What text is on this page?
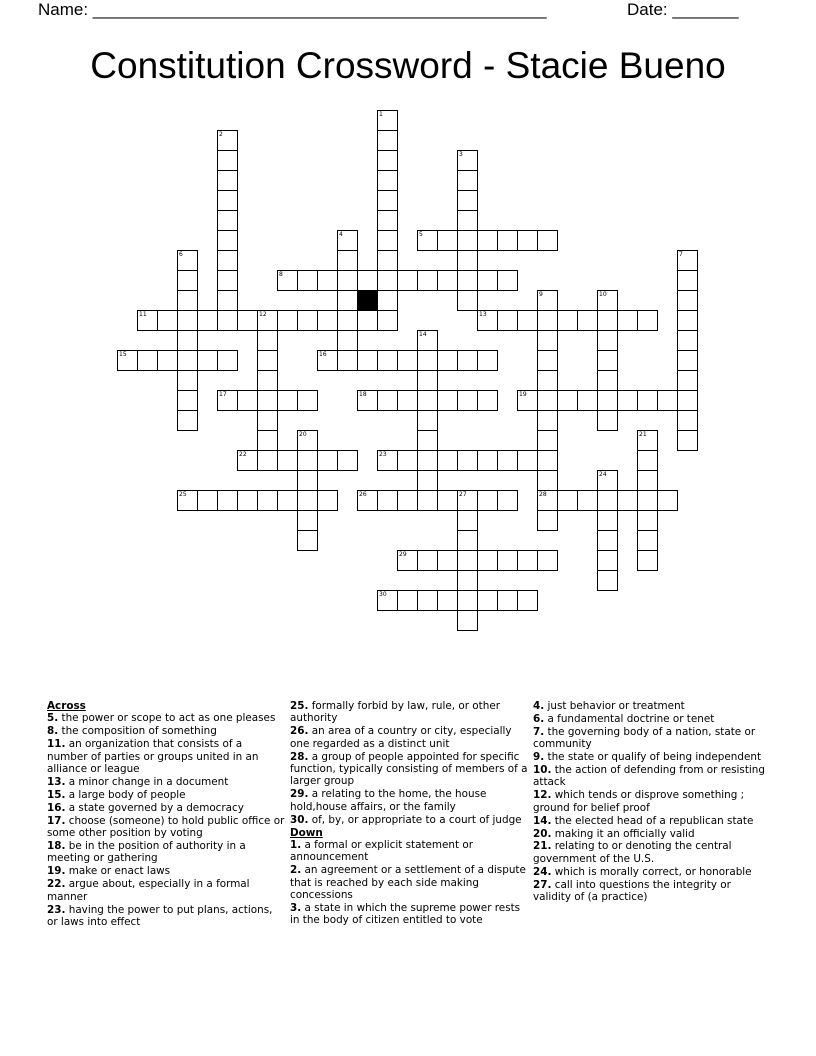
Name: ________________________________________________	Date: _______
Constitution Crossword - Stacie Bueno
1
2
3
4	5
6	7
8
9
28
10
11	12	13
14
15	16
17	18	19
20	21
22	23
24
25	26	27
29
30
Across
5. the power or scope to act as one pleases
8. the composition of something
11. an organization that consists of a number of parties or groups united in an alliance or league
13. a minor change in a document
15. a large body of people
16. a state governed by a democracy
17. choose (someone) to hold public office or some other position by voting
18. be in the position of authority in a meeting or gathering
19. make or enact laws
22. argue about, especially in a formal manner
23. having the power to put plans, actions, or laws into effect
25. formally forbid by law, rule, or other authority
26. an area of a country or city, especially one regarded as a distinct unit
28. a group of people appointed for specific function, typically consisting of members of a larger group
29. a relating to the home, the house hold,house affairs, or the family
30. of, by, or appropriate to a court of judge
Down
1. a formal or explicit statement or announcement
2. an agreement or a settlement of a dispute that is reached by each side making concessions
3. a state in which the supreme power rests in the body of citizen entitled to vote
4. just behavior or treatment
6. a fundamental doctrine or tenet
7. the governing body of a nation, state or community
9. the state or qualify of being independent
10. the action of defending from or resisting attack
12. which tends or disprove something ; ground for belief proof
14. the elected head of a republican state
20. making it an officially valid
21. relating to or denoting the central government of the U.S.
24. which is morally correct, or honorable
27. call into questions the integrity or validity of (a practice)
